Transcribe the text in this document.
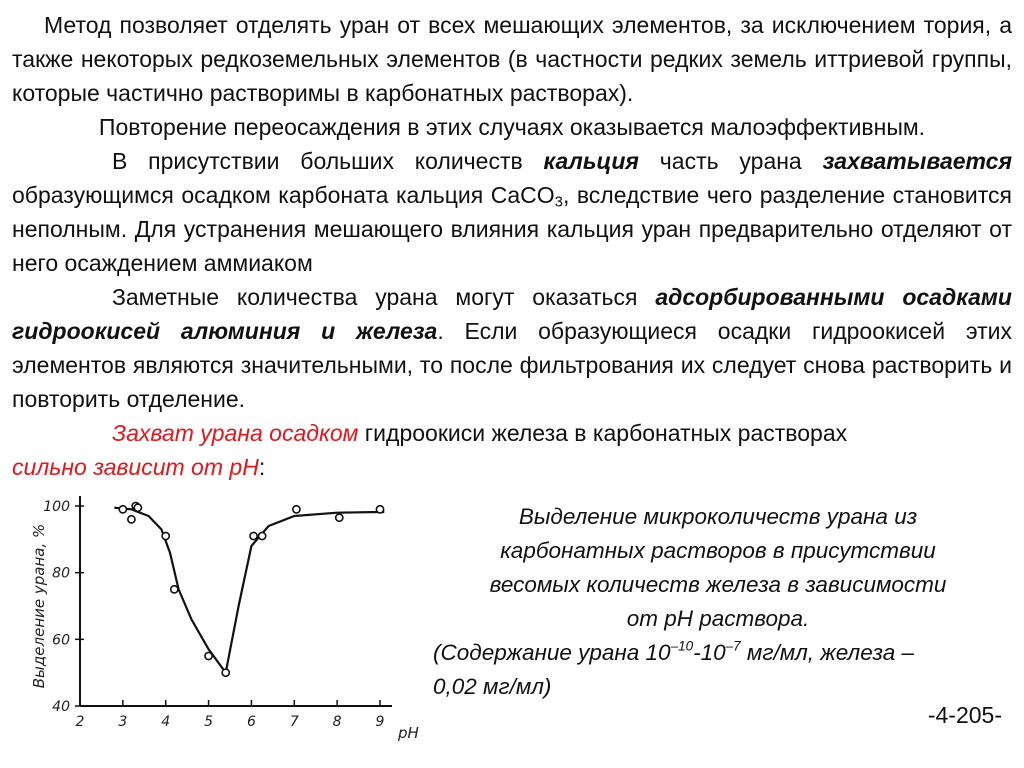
Метод позволяет отделять уран от всех мешающих элементов, за исключением тория, а также некоторых редкоземельных элементов (в частности редких земель иттриевой группы, которые частично растворимы в карбонатных растворах).
Повторение переосаждения в этих случаях оказывается малоэффективным.
В присутствии больших количеств кальция часть урана захватывается образующимся осадком карбоната кальция CaCO$_3$, вследствие чего разделение становится неполным. Для устранения мешающего влияния кальция уран предварительно отделяют от него осаждением аммиаком
Заметные количества урана могут оказаться адсорбированными осадками гидроокисей алюминия и железа. Если образующиеся осадки гидроокисей этих элементов являются значительными, то после фильтрования их следует снова растворить и повторить отделение.
Захват урана осадком гидроокиси железа в карбонатных растворах
сильно зависит от pH:
40
60
80
100
2 3 4 5 6 7 8 9
Выделение урана, %
pH
Выделение микроколичеств урана из
карбонатных растворов в присутствии
весомых количеств железа в зависимости
от pH раствора.
(Содержание урана $10^{-10}-10^{-7}$ мг/мл, железа –
0,02 мг/мл)
-4-205-
